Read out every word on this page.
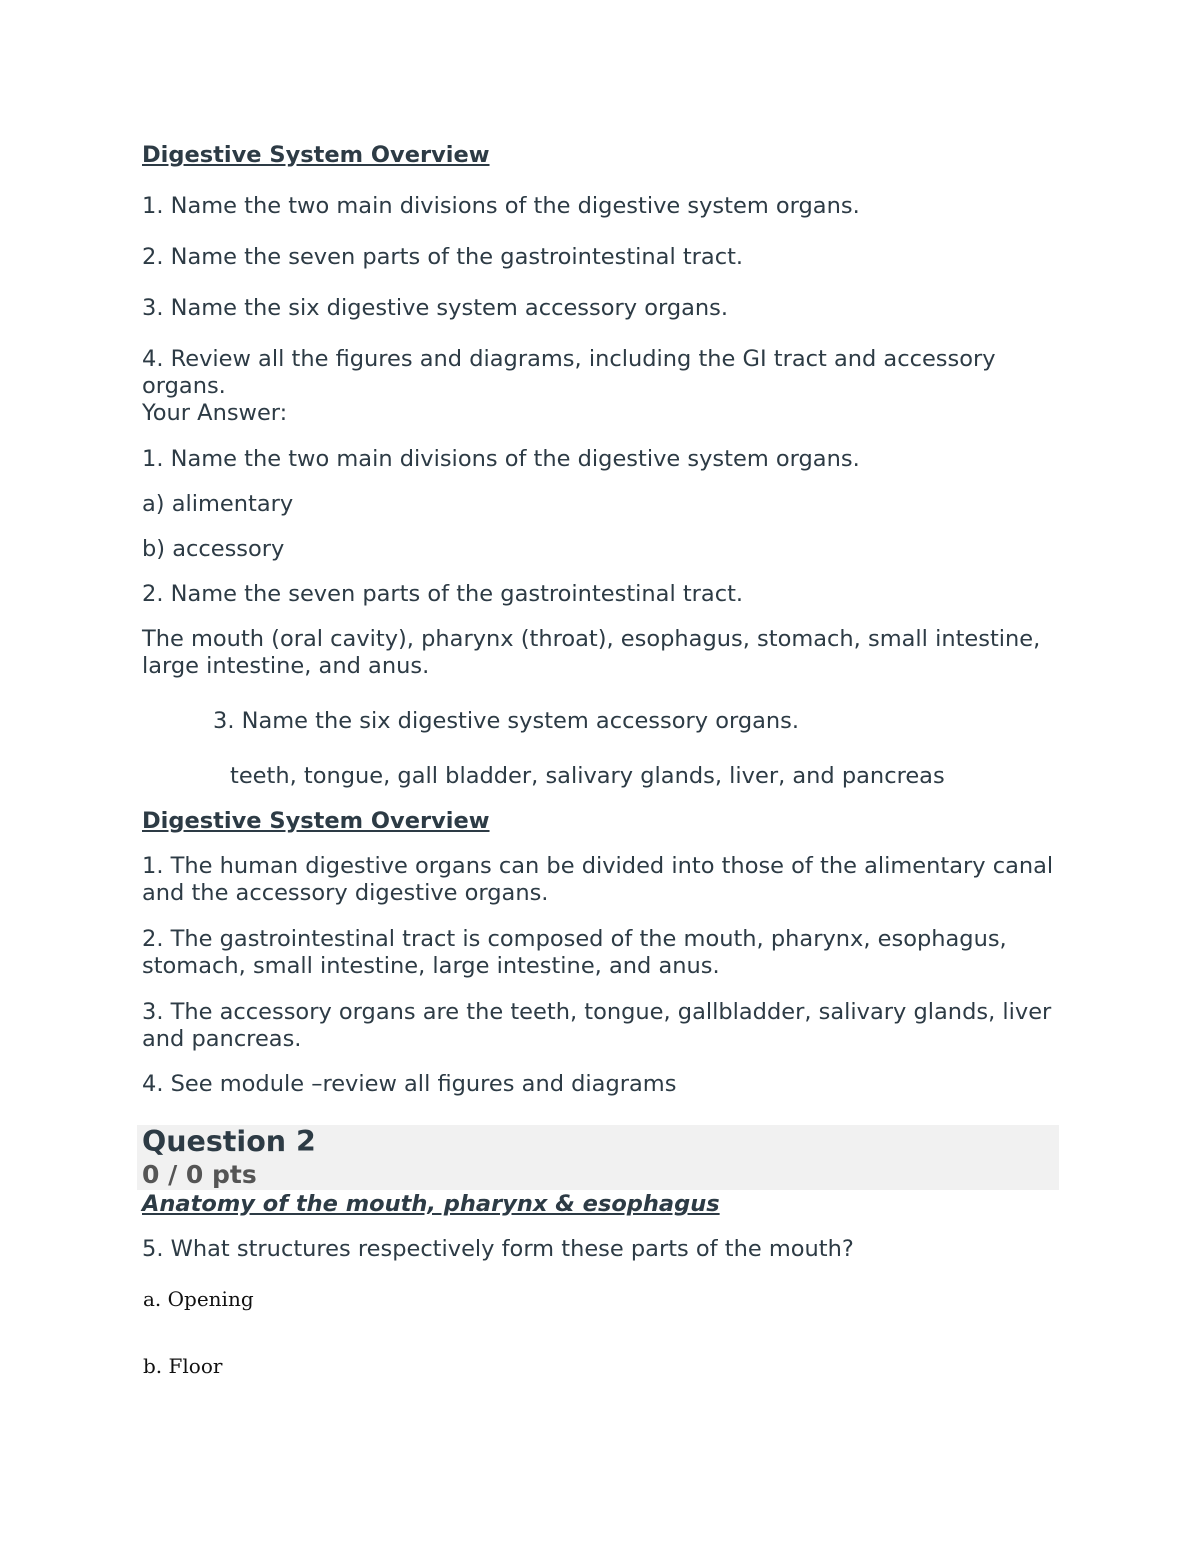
Digestive System Overview
1. Name the two main divisions of the digestive system organs.
2. Name the seven parts of the gastrointestinal tract.
3. Name the six digestive system accessory organs.
4. Review all the figures and diagrams, including the GI tract and accessory organs.
Your Answer:
1. Name the two main divisions of the digestive system organs.
a) alimentary
b) accessory
2. Name the seven parts of the gastrointestinal tract.
The mouth (oral cavity), pharynx (throat), esophagus, stomach, small intestine, large intestine, and anus.
3. Name the six digestive system accessory organs.
teeth, tongue, gall bladder, salivary glands, liver, and pancreas
Digestive System Overview
1. The human digestive organs can be divided into those of the alimentary canal and the accessory digestive organs.
2. The gastrointestinal tract is composed of the mouth, pharynx, esophagus, stomach, small intestine, large intestine, and anus.
3. The accessory organs are the teeth, tongue, gallbladder, salivary glands, liver and pancreas.
4. See module –review all figures and diagrams
Question 2
0 / 0 pts
Anatomy of the mouth, pharynx & esophagus
5. What structures respectively form these parts of the mouth?
a. Opening
b. Floor
